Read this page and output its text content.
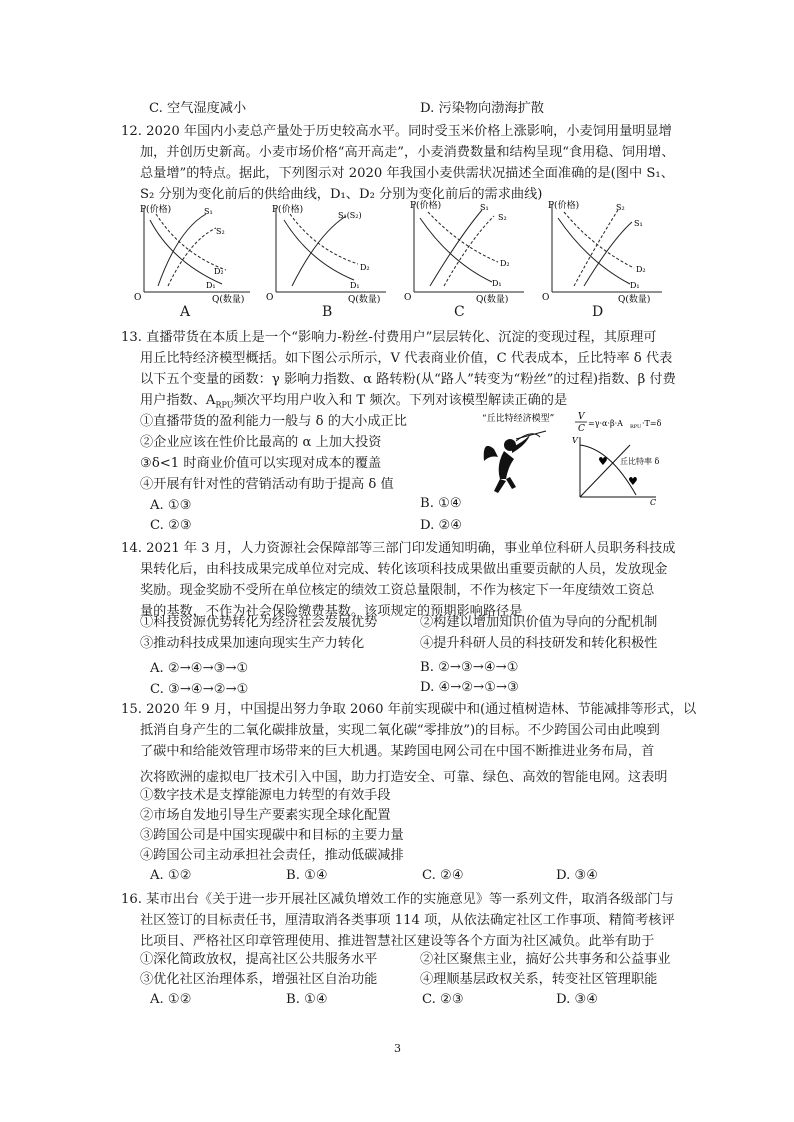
C. 空气湿度减小	D. 污染物向渤海扩散
12. 2020 年国内小麦总产量处于历史较高水平。同时受玉米价格上涨影响，小麦饲用量明显增
加，并创历史新高。小麦市场价格“高开高走”，小麦消费数量和结构呈现“食用稳、饲用增、
总量增”的特点。据此，下列图示对 2020 年我国小麦供需状况描述全面准确的是(图中 S₁、
S₂ 分别为变化前后的供给曲线，D₁、D₂ 分别为变化前后的需求曲线)
P(价格)
O	Q(数量)
S₁
S₂
D₂
D₁
A
P(价格)
O	Q(数量)
S₁(S₂)
D₂
D₁
B
P(价格)
O	Q(数量)
S₁
S₂
D₂
D₁
C
P(价格)
O	Q(数量)
S₂
S₁
D₂
D₁
D
13. 直播带货在本质上是一个“影响力-粉丝-付费用户”层层转化、沉淀的变现过程，其原理可
用丘比特经济模型概括。如下图公示所示，V 代表商业价值，C 代表成本，丘比特率 δ 代表
以下五个变量的函数：γ 影响力指数、α 路转粉(从“路人”转变为“粉丝”的过程)指数、β 付费
用户指数、$A_{RPU}$频次平均用户收入和 T 频次。下列对该模型解读正确的是
①直播带货的盈利能力一般与 δ 的大小成正比
②企业应该在性价比最高的 α 上加大投资
③δ<1 时商业价值可以实现对成本的覆盖
④开展有针对性的营销活动有助于提高 δ 值
A. ①③	B. ①④
C. ②③	D. ②④
“丘比特经济模型”	V
C
=γ·α·β·A RPU ·T=δ
V
C
丘比特率 δ
♥
♥
14. 2021 年 3 月，人力资源社会保障部等三部门印发通知明确，事业单位科研人员职务科技成
果转化后，由科技成果完成单位对完成、转化该项科技成果做出重要贡献的人员，发放现金
奖励。现金奖励不受所在单位核定的绩效工资总量限制，不作为核定下一年度绩效工资总
量的基数，不作为社会保险缴费基数。该项规定的预期影响路径是
①科技资源优势转化为经济社会发展优势	②构建以增加知识价值为导向的分配机制
③推动科技成果加速向现实生产力转化	④提升科研人员的科技研发和转化积极性
A. ②→④→③→①	B. ②→③→④→①
C. ③→④→②→①	D. ④→②→①→③
15. 2020 年 9 月，中国提出努力争取 2060 年前实现碳中和(通过植树造林、节能减排等形式，以
抵消自身产生的二氧化碳排放量，实现二氧化碳“零排放”)的目标。不少跨国公司由此嗅到
了碳中和给能效管理市场带来的巨大机遇。某跨国电网公司在中国不断推进业务布局，首
次将欧洲的虚拟电厂技术引入中国，助力打造安全、可靠、绿色、高效的智能电网。这表明
①数字技术是支撑能源电力转型的有效手段
②市场自发地引导生产要素实现全球化配置
③跨国公司是中国实现碳中和目标的主要力量
④跨国公司主动承担社会责任，推动低碳减排
A. ①②	B. ①④	C. ②④	D. ③④
16. 某市出台《关于进一步开展社区减负增效工作的实施意见》等一系列文件，取消各级部门与
社区签订的目标责任书，厘清取消各类事项 114 项，从依法确定社区工作事项、精简考核评
比项目、严格社区印章管理使用、推进智慧社区建设等各个方面为社区减负。此举有助于
①深化简政放权，提高社区公共服务水平	②社区聚焦主业，搞好公共事务和公益事业
③优化社区治理体系，增强社区自治功能	④理顺基层政权关系，转变社区管理职能
A. ①②	B. ①④	C. ②③	D. ③④
3
